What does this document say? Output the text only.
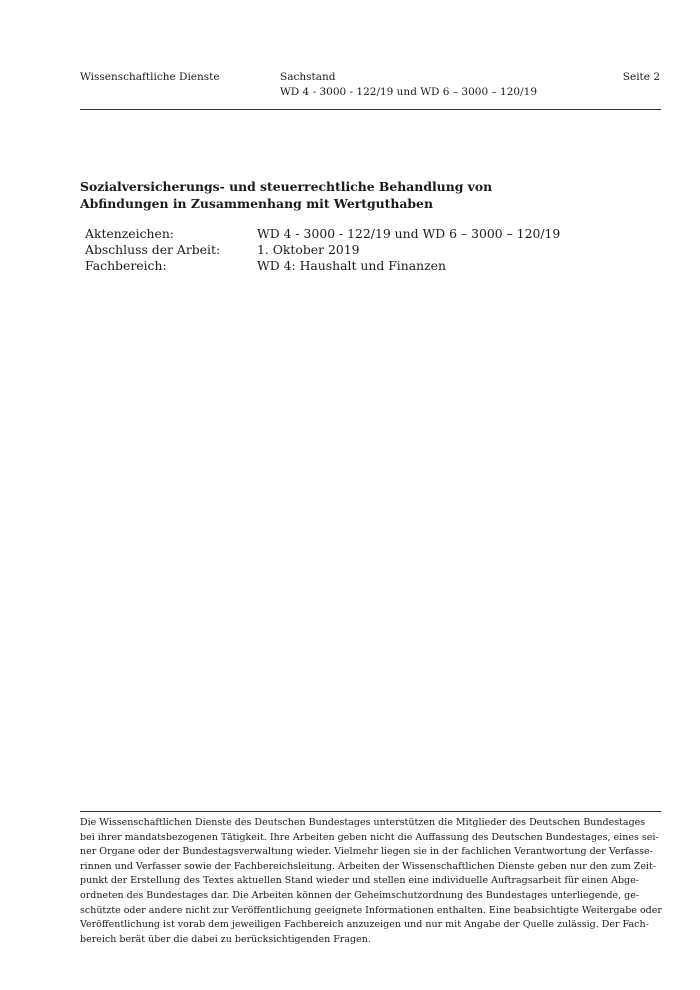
Wissenschaftliche Dienste	Sachstand
WD 4 - 3000 - 122/19 und WD 6 – 3000 – 120/19
Seite 2
Sozialversicherungs- und steuerrechtliche Behandlung von
Abfindungen in Zusammenhang mit Wertguthaben
Aktenzeichen:	WD 4 - 3000 - 122/19 und WD 6 – 3000 – 120/19
Abschluss der Arbeit:	1. Oktober 2019
Fachbereich:	WD 4: Haushalt und Finanzen
Die Wissenschaftlichen Dienste des Deutschen Bundestages unterstützen die Mitglieder des Deutschen Bundestages
bei ihrer mandatsbezogenen Tätigkeit. Ihre Arbeiten geben nicht die Auffassung des Deutschen Bundestages, eines sei-
ner Organe oder der Bundestagsverwaltung wieder. Vielmehr liegen sie in der fachlichen Verantwortung der Verfasse-
rinnen und Verfasser sowie der Fachbereichsleitung. Arbeiten der Wissenschaftlichen Dienste geben nur den zum Zeit-
punkt der Erstellung des Textes aktuellen Stand wieder und stellen eine individuelle Auftragsarbeit für einen Abge-
ordneten des Bundestages dar. Die Arbeiten können der Geheimschutzordnung des Bundestages unterliegende, ge-
schützte oder andere nicht zur Veröffentlichung geeignete Informationen enthalten. Eine beabsichtigte Weitergabe oder
Veröffentlichung ist vorab dem jeweiligen Fachbereich anzuzeigen und nur mit Angabe der Quelle zulässig. Der Fach-
bereich berät über die dabei zu berücksichtigenden Fragen.
